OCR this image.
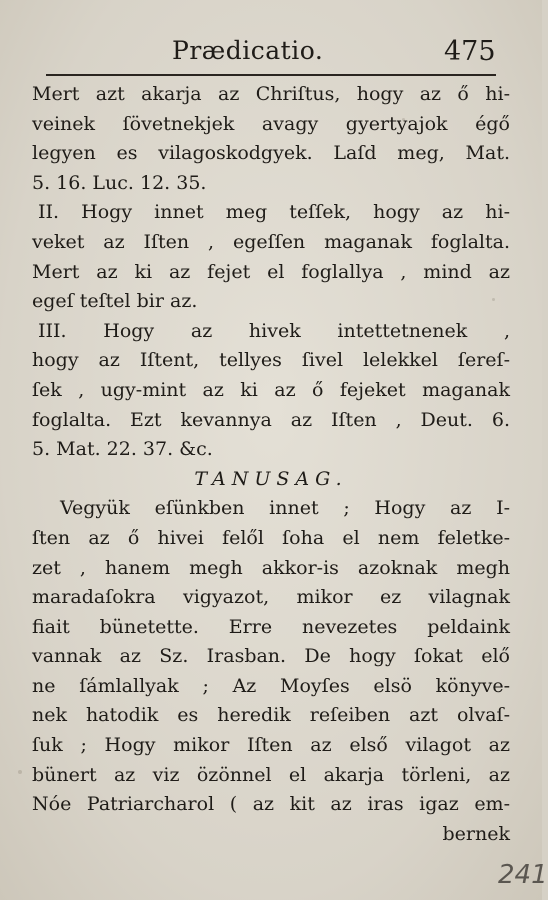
Prædicatio.	475
Mert azt akarja az Chriſtus, hogy az ő hi-
veinek ſövetnekjek avagy gyertyajok égő
legyen es vilagoskodgyek. Laſd meg, Mat.
5. 16. Luc. 12. 35.
II. Hogy innet meg teſſek, hogy az hi-
veket az Iſten , egeſſen maganak foglalta.
Mert az ki az fejet el foglallya , mind az
egeſ teſtel bir az.
III. Hogy az hivek intettetnenek ,
hogy az Iſtent, tellyes ſivel lelekkel ſereſ-
ſek , ugy-mint az ki az ő fejeket maganak
foglalta. Ezt kevannya az Iſten , Deut. 6.
5. Mat. 22. 37. &c.
TANUSAG.
Vegyük eſünkben innet ; Hogy az I-
ſten az ő hivei felől ſoha el nem feletke-
zet , hanem megh akkor-is azoknak megh
maradaſokra vigyazot, mikor ez vilagnak
fiait bünetette. Erre nevezetes peldaink
vannak az Sz. Irasban. De hogy ſokat elő
ne ſámlallyak ; Az Moyſes elsö könyve-
nek hatodik es heredik reſeiben azt olvaſ-
ſuk ; Hogy mikor Iſten az első vilagot az
bünert az viz özönnel el akarja törleni, az
Nóe Patriarcharol ( az kit az iras igaz em-
bernek
241
